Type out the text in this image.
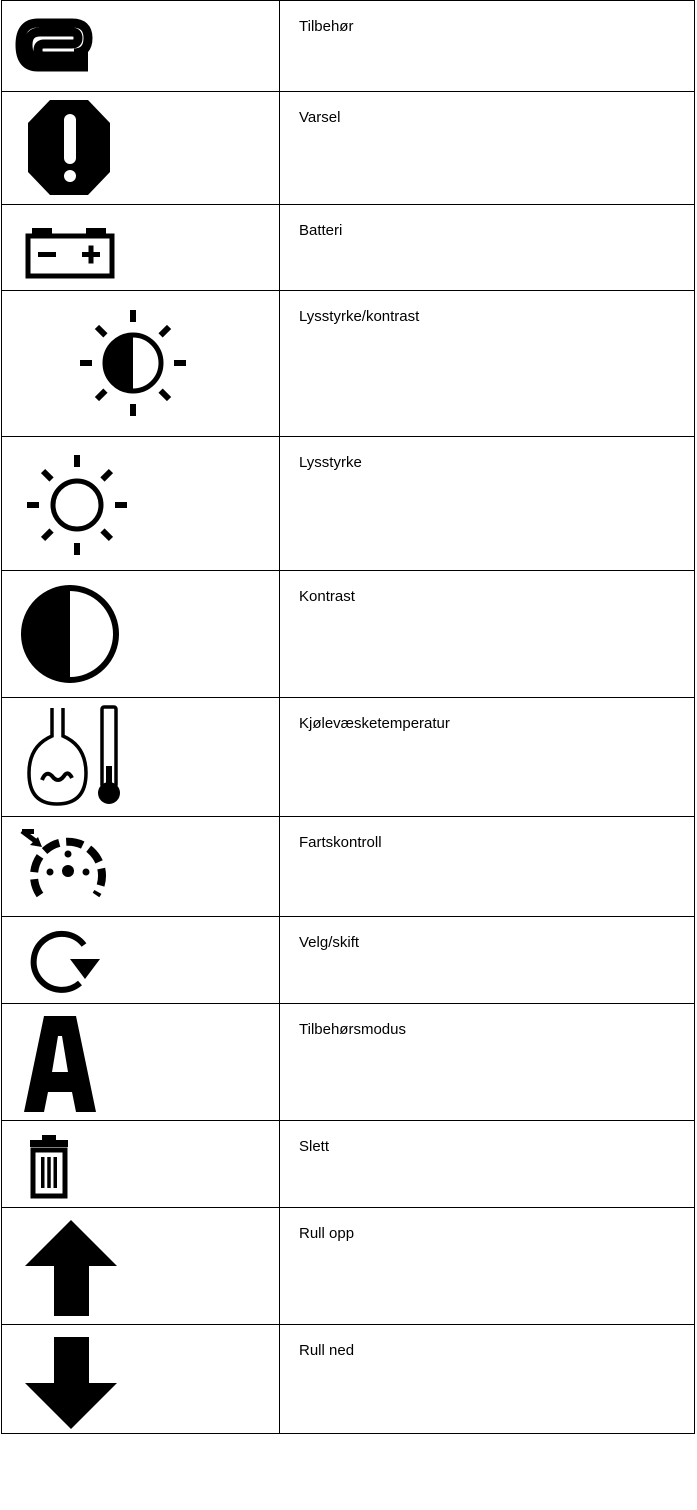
Tilbehør

Varsel

Batteri

Lysstyrke/kontrast

Lysstyrke

Kontrast

Kjølevæsketemperatur

Fartskontroll

Velg/skift

Tilbehørsmodus

Slett

Rull opp

Rull ned
